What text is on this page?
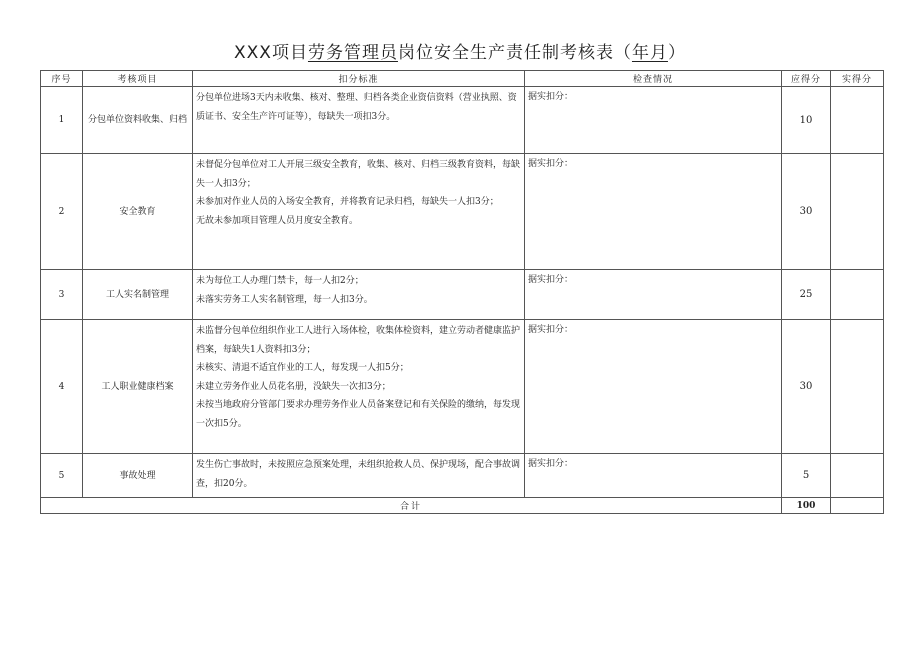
XXX项目劳务管理员岗位安全生产责任制考核表（年月）
序号	考核项目	扣分标准	检查情况	应得分	实得分
1	分包单位资料收集、归档	分包单位进场3天内未收集、核对、整理、归档各类企业资信资料（营业执照、资质证书、安全生产许可证等），每缺失一项扣3分。	据实扣分：	10	
2	安全教育	未督促分包单位对工人开展三级安全教育，收集、核对、归档三级教育资料，每缺失一人扣3分；
未参加对作业人员的入场安全教育，并将教育记录归档，每缺失一人扣3分；
无故未参加项目管理人员月度安全教育。	据实扣分：	30	
3	工人实名制管理	未为每位工人办理门禁卡，每一人扣2分；
未落实劳务工人实名制管理，每一人扣3分。	据实扣分：	25	
4	工人职业健康档案	未监督分包单位组织作业工人进行入场体检，收集体检资料，建立劳动者健康监护档案，每缺失1人资料扣3分；
未核实、清退不适宜作业的工人，每发现一人扣5分；
未建立劳务作业人员花名册，没缺失一次扣3分；
未按当地政府分管部门要求办理劳务作业人员备案登记和有关保险的缴纳，每发现一次扣5分。	据实扣分：	30	
5	事故处理	发生伤亡事故时，未按照应急预案处理，未组织抢救人员、保护现场，配合事故调查，扣20分。	据实扣分：	5	
合计				100	
